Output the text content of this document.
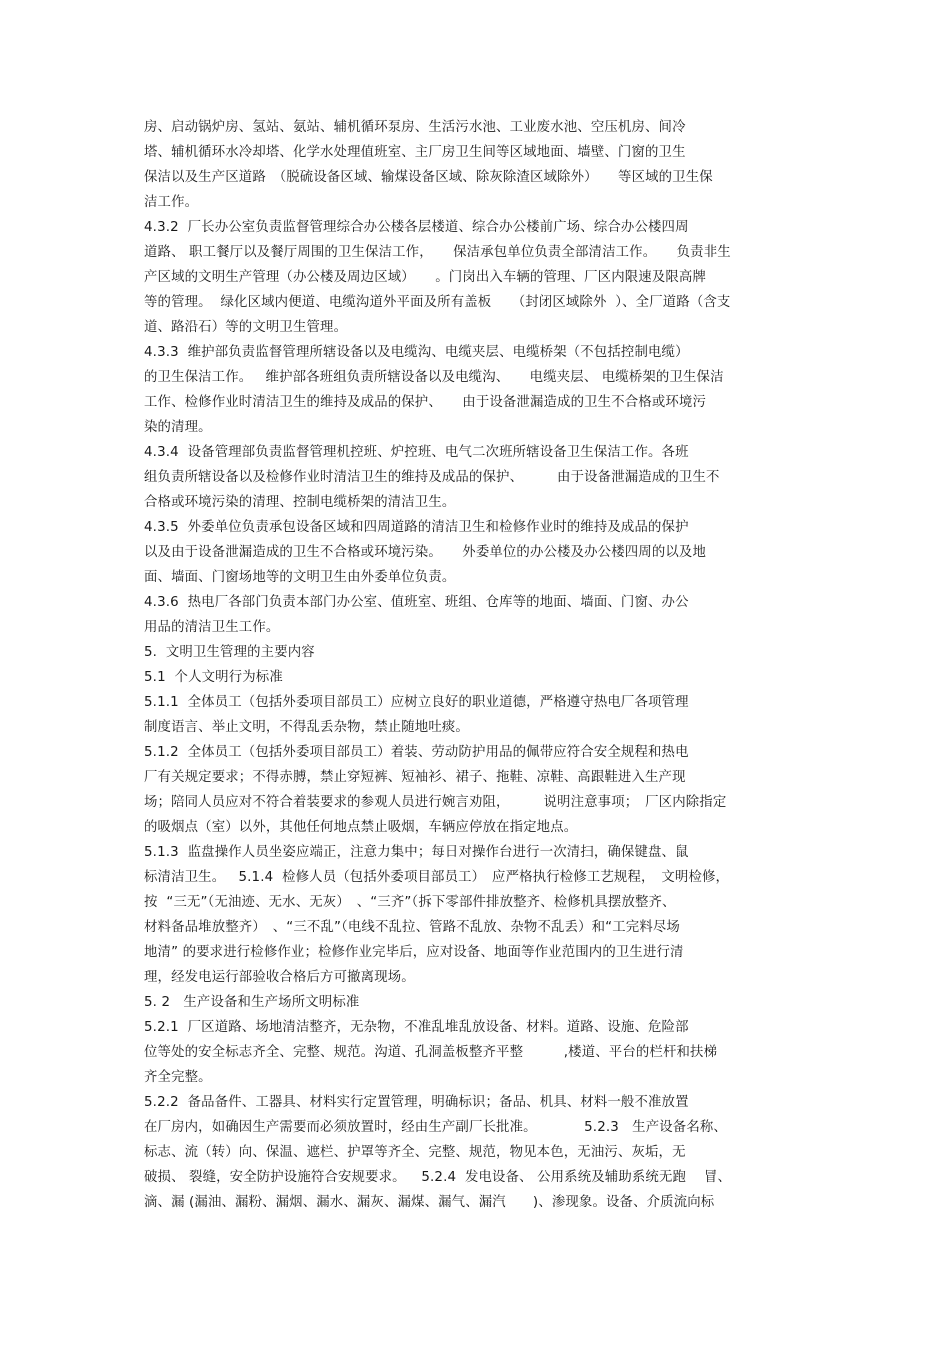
房、启动锅炉房、氢站、氨站、辅机循环泵房、生活污水池、工业废水池、空压机房、间冷
塔、辅机循环水冷却塔、化学水处理值班室、主厂房卫生间等区域地面、墙壁、门窗的卫生
保洁以及生产区道路　（脱硫设备区域、输煤设备区域、除灰除渣区域除外）　　等区域的卫生保
洁工作。
4.3.2  厂长办公室负责监督管理综合办公楼各层楼道、综合办公楼前广场、综合办公楼四周
道路、 职工餐厅以及餐厅周围的卫生保洁工作，　　保洁承包单位负责全部清洁工作。　　负责非生
产区域的文明生产管理（办公楼及周边区域）　　。门岗出入车辆的管理、厂区内限速及限高牌
等的管理。  绿化区域内便道、电缆沟道外平面及所有盖板　　（封闭区域除外  ）、全厂道路（含支
道、路沿石）等的文明卫生管理。
4.3.3  维护部负责监督管理所辖设备以及电缆沟、电缆夹层、电缆桥架（不包括控制电缆）
的卫生保洁工作。   维护部各班组负责所辖设备以及电缆沟、　　电缆夹层、 电缆桥架的卫生保洁
工作、检修作业时清洁卫生的维持及成品的保护、　　由于设备泄漏造成的卫生不合格或环境污
染的清理。
4.3.4  设备管理部负责监督管理机控班、炉控班、电气二次班所辖设备卫生保洁工作。各班
组负责所辖设备以及检修作业时清洁卫生的维持及成品的保护、　　　由于设备泄漏造成的卫生不
合格或环境污染的清理、控制电缆桥架的清洁卫生。
4.3.5  外委单位负责承包设备区域和四周道路的清洁卫生和检修作业时的维持及成品的保护
以及由于设备泄漏造成的卫生不合格或环境污染。　　外委单位的办公楼及办公楼四周的以及地
面、墙面、门窗场地等的文明卫生由外委单位负责。
4.3.6  热电厂各部门负责本部门办公室、值班室、班组、仓库等的地面、墙面、门窗、办公
用品的清洁卫生工作。
5.  文明卫生管理的主要内容
5.1  个人文明行为标准
5.1.1  全体员工（包括外委项目部员工）应树立良好的职业道德，严格遵守热电厂各项管理
制度语言、举止文明，不得乱丢杂物，禁止随地吐痰。
5.1.2  全体员工（包括外委项目部员工）着装、劳动防护用品的佩带应符合安全规程和热电
厂有关规定要求；不得赤膊，禁止穿短裤、短袖衫、裙子、拖鞋、凉鞋、高跟鞋进入生产现
场；陪同人员应对不符合着装要求的参观人员进行婉言劝阻，　　　说明注意事项；　厂区内除指定
的吸烟点（室）以外，其他任何地点禁止吸烟，车辆应停放在指定地点。
5.1.3  监盘操作人员坐姿应端正，注意力集中；每日对操作台进行一次清扫，确保键盘、鼠
标清洁卫生。   5.1.4  检修人员（包括外委项目部员工）　应严格执行检修工艺规程，　文明检修，
按  “三无”（无油迹、无水、无灰）　、“三齐”（拆下零部件排放整齐、检修机具摆放整齐、
材料备品堆放整齐）　、“三不乱”（电线不乱拉、管路不乱放、杂物不乱丢）和“工完料尽场
地清” 的要求进行检修作业；检修作业完毕后，应对设备、地面等作业范围内的卫生进行清
理，经发电运行部验收合格后方可撤离现场。
5. 2   生产设备和生产场所文明标准
5.2.1  厂区道路、场地清洁整齐，无杂物，不准乱堆乱放设备、材料。道路、设施、危险部
位等处的安全标志齐全、完整、规范。沟道、孔洞盖板整齐平整　　　,楼道、平台的栏杆和扶梯
齐全完整。
5.2.2  备品备件、工器具、材料实行定置管理，明确标识；备品、机具、材料一般不准放置
在厂房内，如确因生产需要而必须放置时，经由生产副厂长批准。　　　　5.2.3   生产设备名称、
标志、流（转）向、保温、遮栏、护罩等齐全、完整、规范，物见本色，无油污、灰垢，无
破损、 裂缝，安全防护设施符合安规要求。　  5.2.4  发电设备、 公用系统及辅助系统无跑　 冒、
滴、漏 (漏油、漏粉、漏烟、漏水、漏灰、漏煤、漏气、漏汽　　)、渗现象。设备、介质流向标
